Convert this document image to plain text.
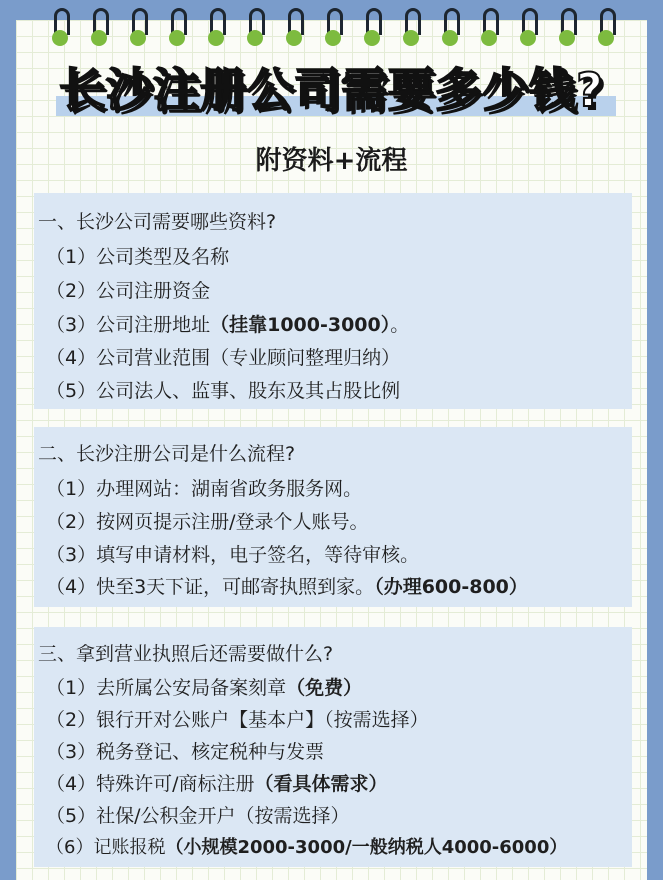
长沙注册公司需要多少钱?
附资料+流程
一、长沙公司需要哪些资料?
（1）公司类型及名称
（2）公司注册资金
（3）公司注册地址（挂靠1000-3000）。
（4）公司营业范围（专业顾问整理归纳）
（5）公司法人、监事、股东及其占股比例
二、长沙注册公司是什么流程?
（1）办理网站：湖南省政务服务网。
（2）按网页提示注册/登录个人账号。
（3）填写申请材料，电子签名，等待审核。
（4）快至3天下证，可邮寄执照到家。（办理600-800）
三、拿到营业执照后还需要做什么?
（1）去所属公安局备案刻章（免费）
（2）银行开对公账户【基本户】（按需选择）
（3）税务登记、核定税种与发票
（4）特殊许可/商标注册（看具体需求）
（5）社保/公积金开户（按需选择）
（6）记账报税（小规模2000-3000/一般纳税人4000-6000）
